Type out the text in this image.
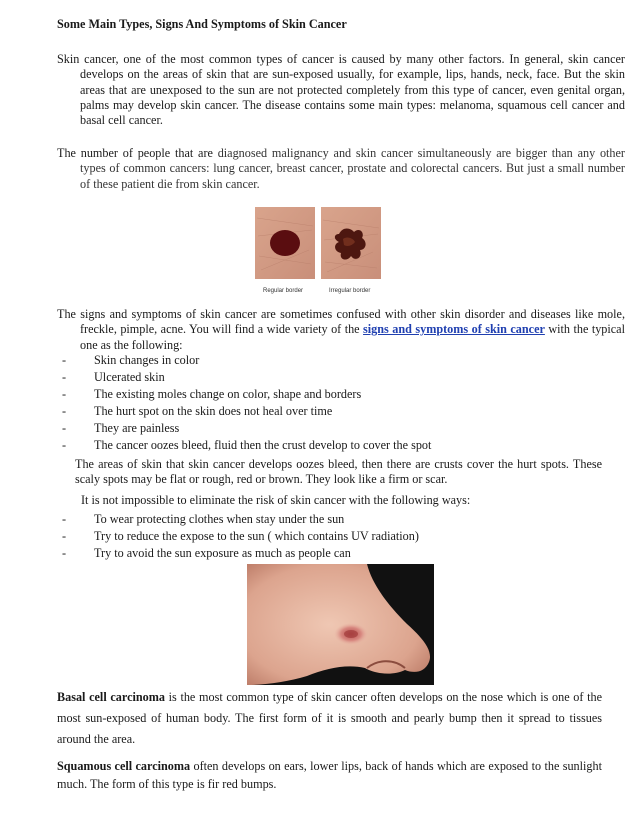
Some Main Types, Signs And Symptoms of Skin Cancer
Skin cancer, one of the most common types of cancer is caused by many other factors. In general, skin cancer develops on the areas of skin that are sun-exposed usually, for example, lips, hands, neck, face. But the skin areas that are unexposed to the sun are not protected completely from this type of cancer, even genital organ, palms may develop skin cancer. The disease contains some main types: melanoma, squamous cell cancer and basal cell cancer.
The number of people that are diagnosed malignancy and skin cancer simultaneously are bigger than any other types of common cancers: lung cancer, breast cancer, prostate and colorectal cancers. But just a small number of these patient die from skin cancer.
Regular border	Irregular border
The signs and symptoms of skin cancer are sometimes confused with other skin disorder and diseases like mole, freckle, pimple, acne. You will find a wide variety of the signs and symptoms of skin cancer with the typical one as the following:
- Skin changes in color
- Ulcerated skin
- The existing moles change on color, shape and borders
- The hurt spot on the skin does not heal over time
- They are painless
- The cancer oozes bleed, fluid then the crust develop to cover the spot
The areas of skin that skin cancer develops oozes bleed, then there are crusts cover the hurt spots. These scaly spots may be flat or rough, red or brown. They look like a firm or scar.
It is not impossible to eliminate the risk of skin cancer with the following ways:
- To wear protecting clothes when stay under the sun
- Try to reduce the expose to the sun ( which contains UV radiation)
- Try to avoid the sun exposure as much as people can
Basal cell carcinoma is the most common type of skin cancer often develops on the nose which is one of the most sun-exposed of human body. The first form of it is smooth and pearly bump then it spread to tissues around the area.
Squamous cell carcinoma often develops on ears, lower lips, back of hands which are exposed to the sunlight much. The form of this type is fir red bumps.
